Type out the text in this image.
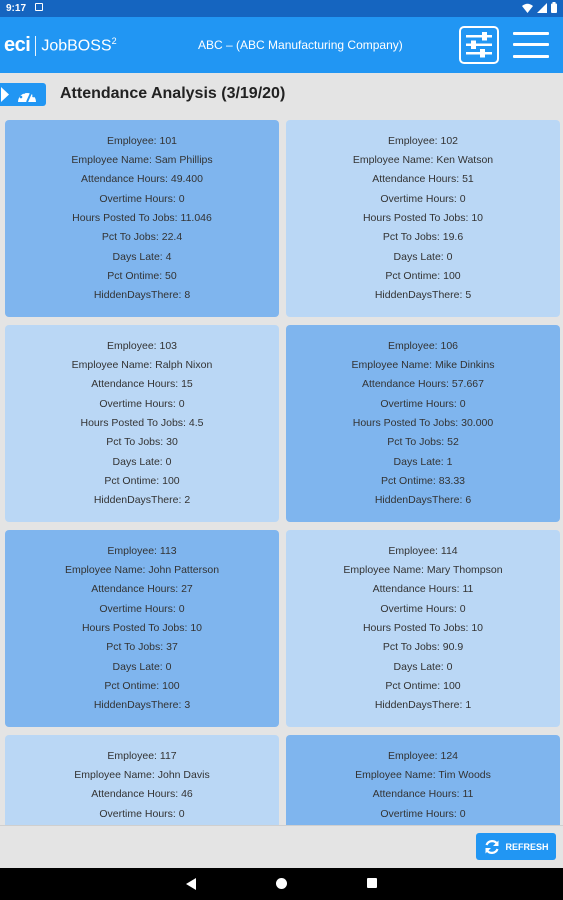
9:17
eci JobBOSS$^2$	ABC – (ABC Manufacturing Company)
Attendance Analysis (3/19/20)
Employee: 101
Employee Name: Sam Phillips
Attendance Hours: 49.400
Overtime Hours: 0
Hours Posted To Jobs: 11.046
Pct To Jobs: 22.4
Days Late: 4
Pct Ontime: 50
HiddenDaysThere: 8
Employee: 102
Employee Name: Ken Watson
Attendance Hours: 51
Overtime Hours: 0
Hours Posted To Jobs: 10
Pct To Jobs: 19.6
Days Late: 0
Pct Ontime: 100
HiddenDaysThere: 5
Employee: 103
Employee Name: Ralph Nixon
Attendance Hours: 15
Overtime Hours: 0
Hours Posted To Jobs: 4.5
Pct To Jobs: 30
Days Late: 0
Pct Ontime: 100
HiddenDaysThere: 2
Employee: 106
Employee Name: Mike Dinkins
Attendance Hours: 57.667
Overtime Hours: 0
Hours Posted To Jobs: 30.000
Pct To Jobs: 52
Days Late: 1
Pct Ontime: 83.33
HiddenDaysThere: 6
Employee: 113
Employee Name: John Patterson
Attendance Hours: 27
Overtime Hours: 0
Hours Posted To Jobs: 10
Pct To Jobs: 37
Days Late: 0
Pct Ontime: 100
HiddenDaysThere: 3
Employee: 114
Employee Name: Mary Thompson
Attendance Hours: 11
Overtime Hours: 0
Hours Posted To Jobs: 10
Pct To Jobs: 90.9
Days Late: 0
Pct Ontime: 100
HiddenDaysThere: 1
Employee: 117
Employee Name: John Davis
Attendance Hours: 46
Overtime Hours: 0
Employee: 124
Employee Name: Tim Woods
Attendance Hours: 11
Overtime Hours: 0
REFRESH
